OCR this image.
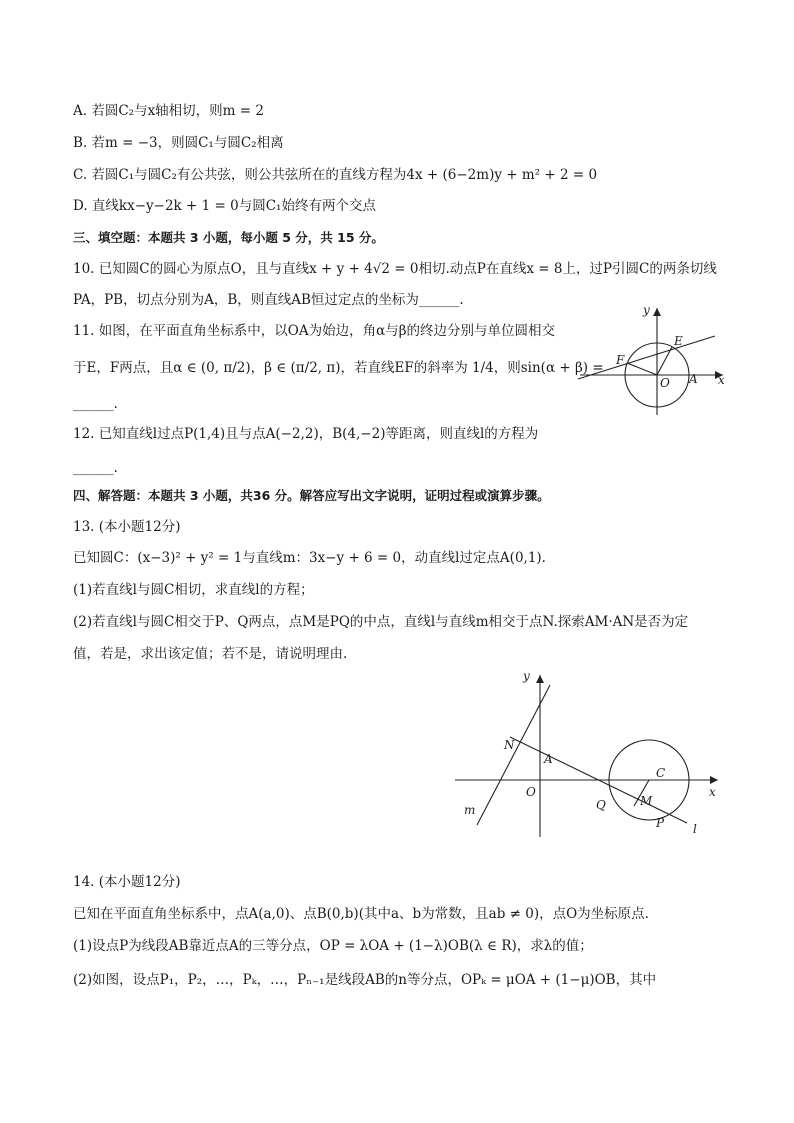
A. 若圆C₂与x轴相切，则m = 2
B. 若m = −3，则圆C₁与圆C₂相离
C. 若圆C₁与圆C₂有公共弦，则公共弦所在的直线方程为4x + (6−2m)y + m² + 2 = 0
D. 直线kx−y−2k + 1 = 0与圆C₁始终有两个交点
三、填空题：本题共 3 小题，每小题 5 分，共 15 分。
10. 已知圆C的圆心为原点O，且与直线x + y + 4√2 = 0相切.动点P在直线x = 8上，过P引圆C的两条切线
PA，PB，切点分别为A，B，则直线AB恒过定点的坐标为______.
11. 如图，在平面直角坐标系中，以OA为始边，角α与β的终边分别与单位圆相交
于E，F两点，且α ∈ (0, π/2)，β ∈ (π/2, π)，若直线EF的斜率为 1/4，则sin(α + β) =
______.
12. 已知直线l过点P(1,4)且与点A(−2,2)，B(4,−2)等距离，则直线l的方程为
______.
四、解答题：本题共 3 小题，共36 分。解答应写出文字说明，证明过程或演算步骤。
13. (本小题12分)
已知圆C：(x−3)² + y² = 1与直线m：3x−y + 6 = 0，动直线l过定点A(0,1).
(1)若直线l与圆C相切，求直线l的方程；
(2)若直线l与圆C相交于P、Q两点，点M是PQ的中点，直线l与直线m相交于点N.探索AM·AN是否为定
值，若是，求出该定值；若不是，请说明理由.
14. (本小题12分)
已知在平面直角坐标系中，点A(a,0)、点B(0,b)(其中a、b为常数，且ab ≠ 0)，点O为坐标原点.
(1)设点P为线段AB靠近点A的三等分点，OP = λOA + (1−λ)OB(λ ∈ R)，求λ的值；
(2)如图，设点P₁，P₂，…，Pₖ，…，Pₙ₋₁是线段AB的n等分点，OPₖ = μOA + (1−μ)OB，其中
y
x
E
F
O A
y
x
N
A
O
C
Q	M
P
m
l
